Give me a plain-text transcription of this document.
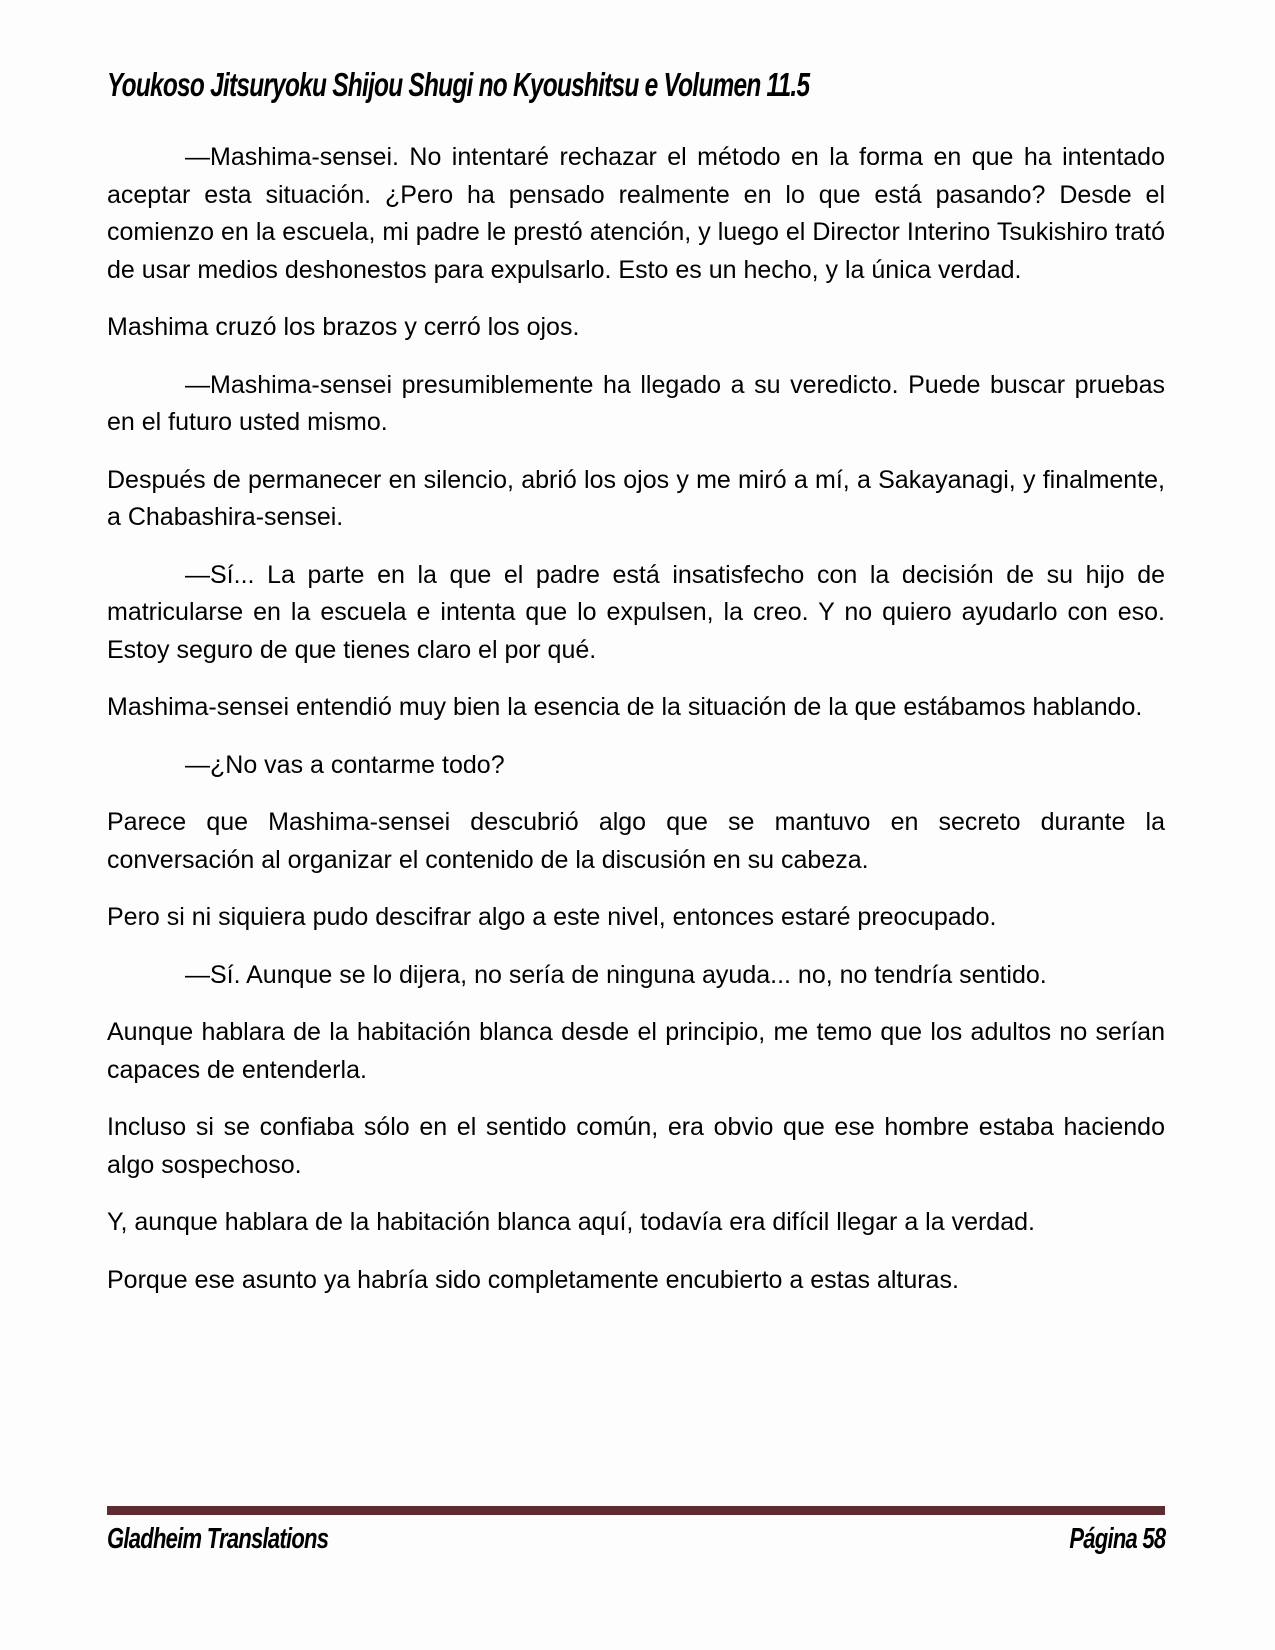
Youkoso Jitsuryoku Shijou Shugi no Kyoushitsu e Volumen 11.5

—Mashima-sensei. No intentaré rechazar el método en la forma en que ha intentado aceptar esta situación. ¿Pero ha pensado realmente en lo que está pasando? Desde el comienzo en la escuela, mi padre le prestó atención, y luego el Director Interino Tsukishiro trató de usar medios deshonestos para expulsarlo. Esto es un hecho, y la única verdad.

Mashima cruzó los brazos y cerró los ojos.

—Mashima-sensei presumiblemente ha llegado a su veredicto. Puede buscar pruebas en el futuro usted mismo.

Después de permanecer en silencio, abrió los ojos y me miró a mí, a Sakayanagi, y finalmente, a Chabashira-sensei.

—Sí... La parte en la que el padre está insatisfecho con la decisión de su hijo de matricularse en la escuela e intenta que lo expulsen, la creo. Y no quiero ayudarlo con eso. Estoy seguro de que tienes claro el por qué.

Mashima-sensei entendió muy bien la esencia de la situación de la que estábamos hablando.

—¿No vas a contarme todo?

Parece que Mashima-sensei descubrió algo que se mantuvo en secreto durante la conversación al organizar el contenido de la discusión en su cabeza.

Pero si ni siquiera pudo descifrar algo a este nivel, entonces estaré preocupado.

—Sí. Aunque se lo dijera, no sería de ninguna ayuda... no, no tendría sentido.

Aunque hablara de la habitación blanca desde el principio, me temo que los adultos no serían capaces de entenderla.

Incluso si se confiaba sólo en el sentido común, era obvio que ese hombre estaba haciendo algo sospechoso.

Y, aunque hablara de la habitación blanca aquí, todavía era difícil llegar a la verdad.

Porque ese asunto ya habría sido completamente encubierto a estas alturas.

Gladheim Translations	Página 58
